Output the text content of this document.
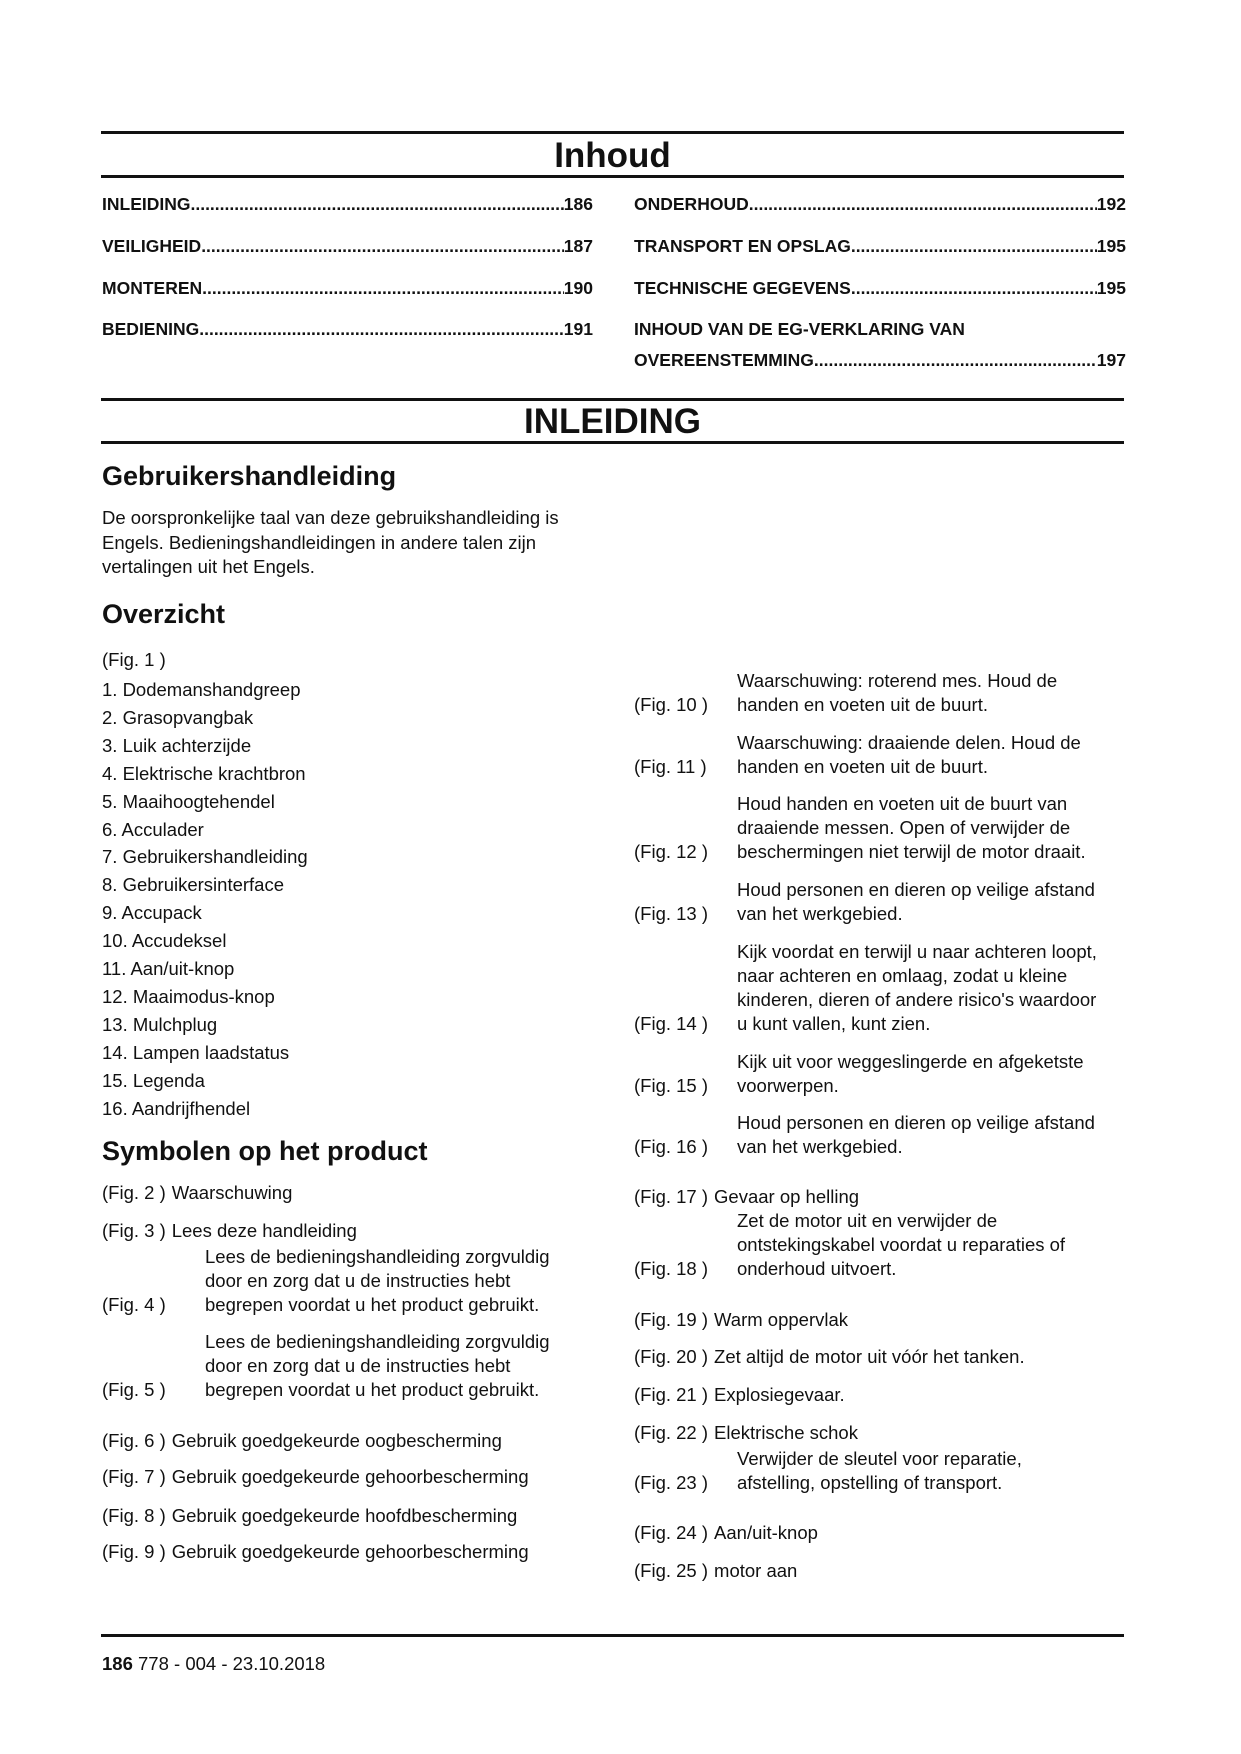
Inhoud
INLEIDING .....	186
VEILIGHEID .....	187
MONTEREN .....	190
BEDIENING .....	191
ONDERHOUD .....	192
TRANSPORT EN OPSLAG .....	195
TECHNISCHE GEGEVENS .....	195
INHOUD VAN DE EG-VERKLARING VAN
OVEREENSTEMMING .....	197
INLEIDING
Gebruikershandleiding
De oorspronkelijke taal van deze gebruikshandleiding is
Engels. Bedieningshandleidingen in andere talen zijn
vertalingen uit het Engels.
Overzicht
(Fig. 1 )
1. Dodemanshandgreep
2. Grasopvangbak
3. Luik achterzijde
4. Elektrische krachtbron
5. Maaihoogtehendel
6. Acculader
7. Gebruikershandleiding
8. Gebruikersinterface
9. Accupack
10. Accudeksel
11. Aan/uit-knop
12. Maaimodus-knop
13. Mulchplug
14. Lampen laadstatus
15. Legenda
16. Aandrijfhendel
Symbolen op het product
(Fig. 2 ) Waarschuwing
(Fig. 3 ) Lees deze handleiding
(Fig. 4 )
Lees de bedieningshandleiding zorgvuldig
door en zorg dat u de instructies hebt
begrepen voordat u het product gebruikt.
(Fig. 5 )
Lees de bedieningshandleiding zorgvuldig
door en zorg dat u de instructies hebt
begrepen voordat u het product gebruikt.
(Fig. 6 ) Gebruik goedgekeurde oogbescherming
(Fig. 7 ) Gebruik goedgekeurde gehoorbescherming
(Fig. 8 ) Gebruik goedgekeurde hoofdbescherming
(Fig. 9 ) Gebruik goedgekeurde gehoorbescherming
(Fig. 10 )
Waarschuwing: roterend mes. Houd de
handen en voeten uit de buurt.
(Fig. 11 )
Waarschuwing: draaiende delen. Houd de
handen en voeten uit de buurt.
(Fig. 12 )
Houd handen en voeten uit de buurt van
draaiende messen. Open of verwijder de
beschermingen niet terwijl de motor draait.
(Fig. 13 )
Houd personen en dieren op veilige afstand
van het werkgebied.
(Fig. 14 )
Kijk voordat en terwijl u naar achteren loopt,
naar achteren en omlaag, zodat u kleine
kinderen, dieren of andere risico's waardoor
u kunt vallen, kunt zien.
(Fig. 15 )
Kijk uit voor weggeslingerde en afgeketste
voorwerpen.
(Fig. 16 )
Houd personen en dieren op veilige afstand
van het werkgebied.
(Fig. 17 ) Gevaar op helling
(Fig. 18 )
Zet de motor uit en verwijder de
ontstekingskabel voordat u reparaties of
onderhoud uitvoert.
(Fig. 19 ) Warm oppervlak
(Fig. 20 ) Zet altijd de motor uit vóór het tanken.
(Fig. 21 ) Explosiegevaar.
(Fig. 22 ) Elektrische schok
(Fig. 23 )
Verwijder de sleutel voor reparatie,
afstelling, opstelling of transport.
(Fig. 24 ) Aan/uit-knop
(Fig. 25 ) motor aan
186 778 - 004 - 23.10.2018
